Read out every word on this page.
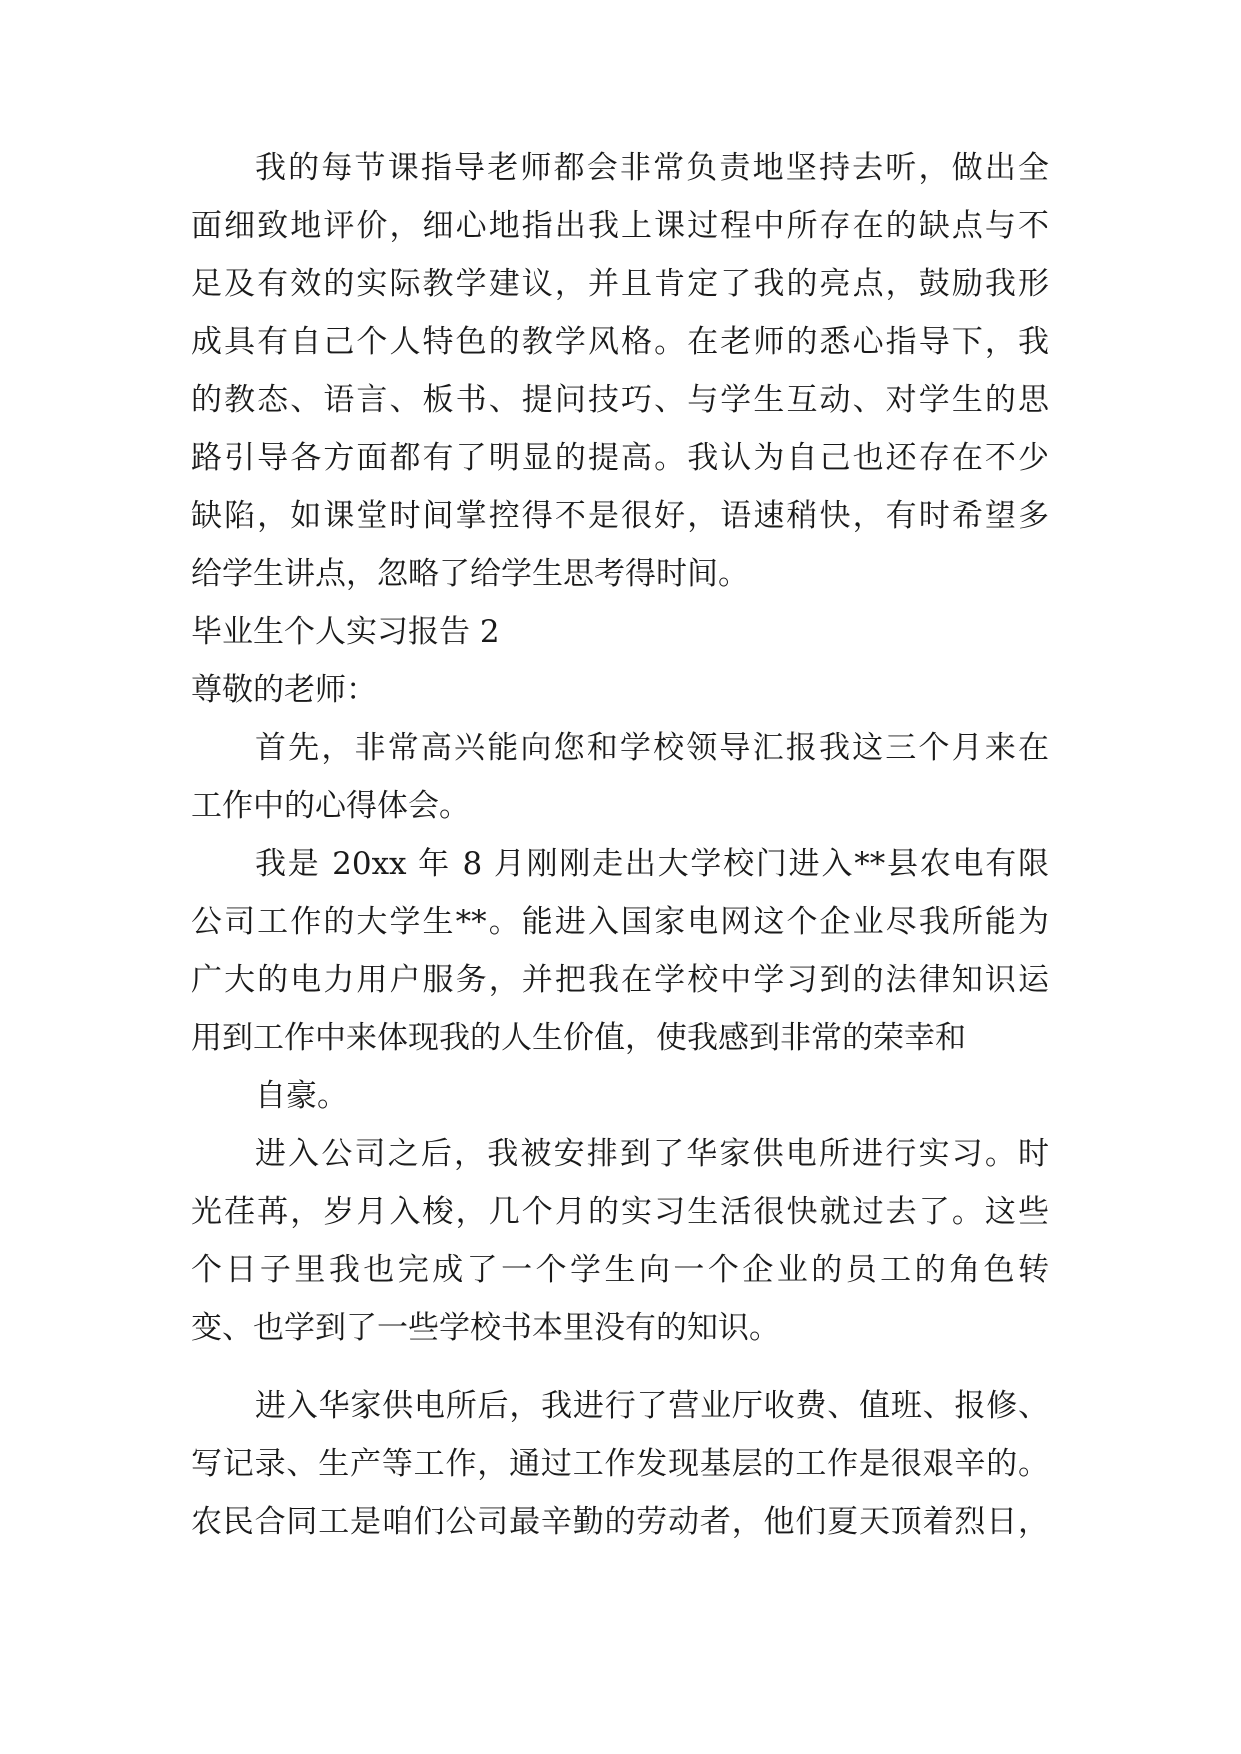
我的每节课指导老师都会非常负责地坚持去听，做出全
面细致地评价，细心地指出我上课过程中所存在的缺点与不
足及有效的实际教学建议，并且肯定了我的亮点，鼓励我形
成具有自己个人特色的教学风格。在老师的悉心指导下，我
的教态、语言、板书、提问技巧、与学生互动、对学生的思
路引导各方面都有了明显的提高。我认为自己也还存在不少
缺陷，如课堂时间掌控得不是很好，语速稍快，有时希望多
给学生讲点，忽略了给学生思考得时间。
毕业生个人实习报告 2
尊敬的老师：
首先，非常高兴能向您和学校领导汇报我这三个月来在
工作中的心得体会。
我是 20xx 年 8 月刚刚走出大学校门进入**县农电有限
公司工作的大学生**。能进入国家电网这个企业尽我所能为
广大的电力用户服务，并把我在学校中学习到的法律知识运
用到工作中来体现我的人生价值，使我感到非常的荣幸和
自豪。
进入公司之后，我被安排到了华家供电所进行实习。时
光荏苒，岁月入梭，几个月的实习生活很快就过去了。这些
个日子里我也完成了一个学生向一个企业的员工的角色转
变、也学到了一些学校书本里没有的知识。
进入华家供电所后，我进行了营业厅收费、值班、报修、
写记录、生产等工作，通过工作发现基层的工作是很艰辛的。
农民合同工是咱们公司最辛勤的劳动者，他们夏天顶着烈日，
